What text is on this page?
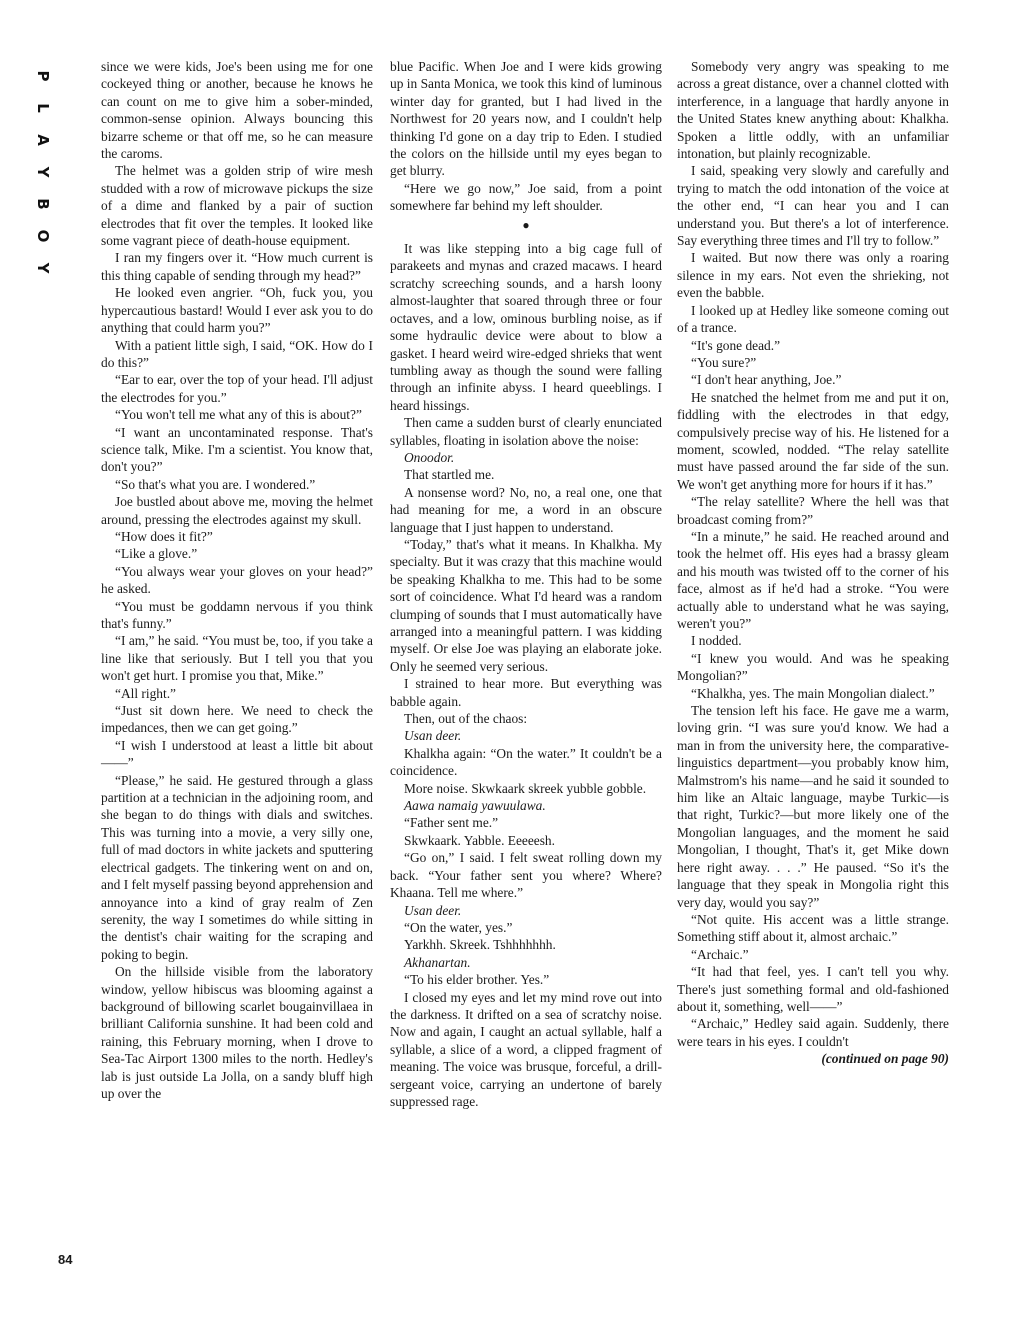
P
L
A
Y
B
O
Y

since we were kids, Joe's been using me for one cockeyed thing or another, because he knows he can count on me to give him a sober-minded, common-sense opinion. Always bouncing this bizarre scheme or that off me, so he can measure the caroms.

The helmet was a golden strip of wire mesh studded with a row of microwave pickups the size of a dime and flanked by a pair of suction electrodes that fit over the temples. It looked like some vagrant piece of death-house equipment.

I ran my fingers over it. “How much current is this thing capable of sending through my head?”

He looked even angrier. “Oh, fuck you, you hypercautious bastard! Would I ever ask you to do anything that could harm you?”

With a patient little sigh, I said, “OK. How do I do this?”

“Ear to ear, over the top of your head. I'll adjust the electrodes for you.”

“You won't tell me what any of this is about?”

“I want an uncontaminated response. That's science talk, Mike. I'm a scientist. You know that, don't you?”

“So that's what you are. I wondered.”

Joe bustled about above me, moving the helmet around, pressing the electrodes against my skull.

“How does it fit?”

“Like a glove.”

“You always wear your gloves on your head?” he asked.

“You must be goddamn nervous if you think that's funny.”

“I am,” he said. “You must be, too, if you take a line like that seriously. But I tell you that you won't get hurt. I promise you that, Mike.”

“All right.”

“Just sit down here. We need to check the impedances, then we can get going.”

“I wish I understood at least a little bit about——”

“Please,” he said. He gestured through a glass partition at a technician in the adjoining room, and she began to do things with dials and switches. This was turning into a movie, a very silly one, full of mad doctors in white jackets and sputtering electrical gadgets. The tinkering went on and on, and I felt myself passing beyond apprehension and annoyance into a kind of gray realm of Zen serenity, the way I sometimes do while sitting in the dentist's chair waiting for the scraping and poking to begin.

On the hillside visible from the laboratory window, yellow hibiscus was blooming against a background of billowing scarlet bougainvillaea in brilliant California sunshine. It had been cold and raining, this February morning, when I drove to Sea-Tac Airport 1300 miles to the north. Hedley's lab is just outside La Jolla, on a sandy bluff high up over the

blue Pacific. When Joe and I were kids growing up in Santa Monica, we took this kind of luminous winter day for granted, but I had lived in the Northwest for 20 years now, and I couldn't help thinking I'd gone on a day trip to Eden. I studied the colors on the hillside until my eyes began to get blurry.

“Here we go now,” Joe said, from a point somewhere far behind my left shoulder.

●

It was like stepping into a big cage full of parakeets and mynas and crazed macaws. I heard scratchy screeching sounds, and a harsh loony almost-laughter that soared through three or four octaves, and a low, ominous burbling noise, as if some hydraulic device were about to blow a gasket. I heard weird wire-edged shrieks that went tumbling away as though the sound were falling through an infinite abyss. I heard queeblings. I heard hissings.

Then came a sudden burst of clearly enunciated syllables, floating in isolation above the noise:

Onoodor.

That startled me.

A nonsense word? No, no, a real one, one that had meaning for me, a word in an obscure language that I just happen to understand.

“Today,” that's what it means. In Khalkha. My specialty. But it was crazy that this machine would be speaking Khalkha to me. This had to be some sort of coincidence. What I'd heard was a random clumping of sounds that I must automatically have arranged into a meaningful pattern. I was kidding myself. Or else Joe was playing an elaborate joke. Only he seemed very serious.

I strained to hear more. But everything was babble again.

Then, out of the chaos:

Usan deer.

Khalkha again: “On the water.” It couldn't be a coincidence.

More noise. Skwkaark skreek yubble gobble.

Aawa namaig yawuulawa.

“Father sent me.”

Skwkaark. Yabble. Eeeeesh.

“Go on,” I said. I felt sweat rolling down my back. “Your father sent you where? Where? Khaana. Tell me where.”

Usan deer.

“On the water, yes.”

Yarkhh. Skreek. Tshhhhhhh.

Akhanartan.

“To his elder brother. Yes.”

I closed my eyes and let my mind rove out into the darkness. It drifted on a sea of scratchy noise. Now and again, I caught an actual syllable, half a syllable, a slice of a word, a clipped fragment of meaning. The voice was brusque, forceful, a drill-sergeant voice, carrying an undertone of barely suppressed rage.

Somebody very angry was speaking to me across a great distance, over a channel clotted with interference, in a language that hardly anyone in the United States knew anything about: Khalkha. Spoken a little oddly, with an unfamiliar intonation, but plainly recognizable.

I said, speaking very slowly and carefully and trying to match the odd intonation of the voice at the other end, “I can hear you and I can understand you. But there's a lot of interference. Say everything three times and I'll try to follow.”

I waited. But now there was only a roaring silence in my ears. Not even the shrieking, not even the babble.

I looked up at Hedley like someone coming out of a trance.

“It's gone dead.”

“You sure?”

“I don't hear anything, Joe.”

He snatched the helmet from me and put it on, fiddling with the electrodes in that edgy, compulsively precise way of his. He listened for a moment, scowled, nodded. “The relay satellite must have passed around the far side of the sun. We won't get anything more for hours if it has.”

“The relay satellite? Where the hell was that broadcast coming from?”

“In a minute,” he said. He reached around and took the helmet off. His eyes had a brassy gleam and his mouth was twisted off to the corner of his face, almost as if he'd had a stroke. “You were actually able to understand what he was saying, weren't you?”

I nodded.

“I knew you would. And was he speaking Mongolian?”

“Khalkha, yes. The main Mongolian dialect.”

The tension left his face. He gave me a warm, loving grin. “I was sure you'd know. We had a man in from the university here, the comparative-linguistics department—you probably know him, Malmstrom's his name—and he said it sounded to him like an Altaic language, maybe Turkic—is that right, Turkic?—but more likely one of the Mongolian languages, and the moment he said Mongolian, I thought, That's it, get Mike down here right away. . . .” He paused. “So it's the language that they speak in Mongolia right this very day, would you say?”

“Not quite. His accent was a little strange. Something stiff about it, almost archaic.”

“Archaic.”

“It had that feel, yes. I can't tell you why. There's just something formal and old-fashioned about it, something, well——”

“Archaic,” Hedley said again. Suddenly, there were tears in his eyes. I couldn't

(continued on page 90)

84
